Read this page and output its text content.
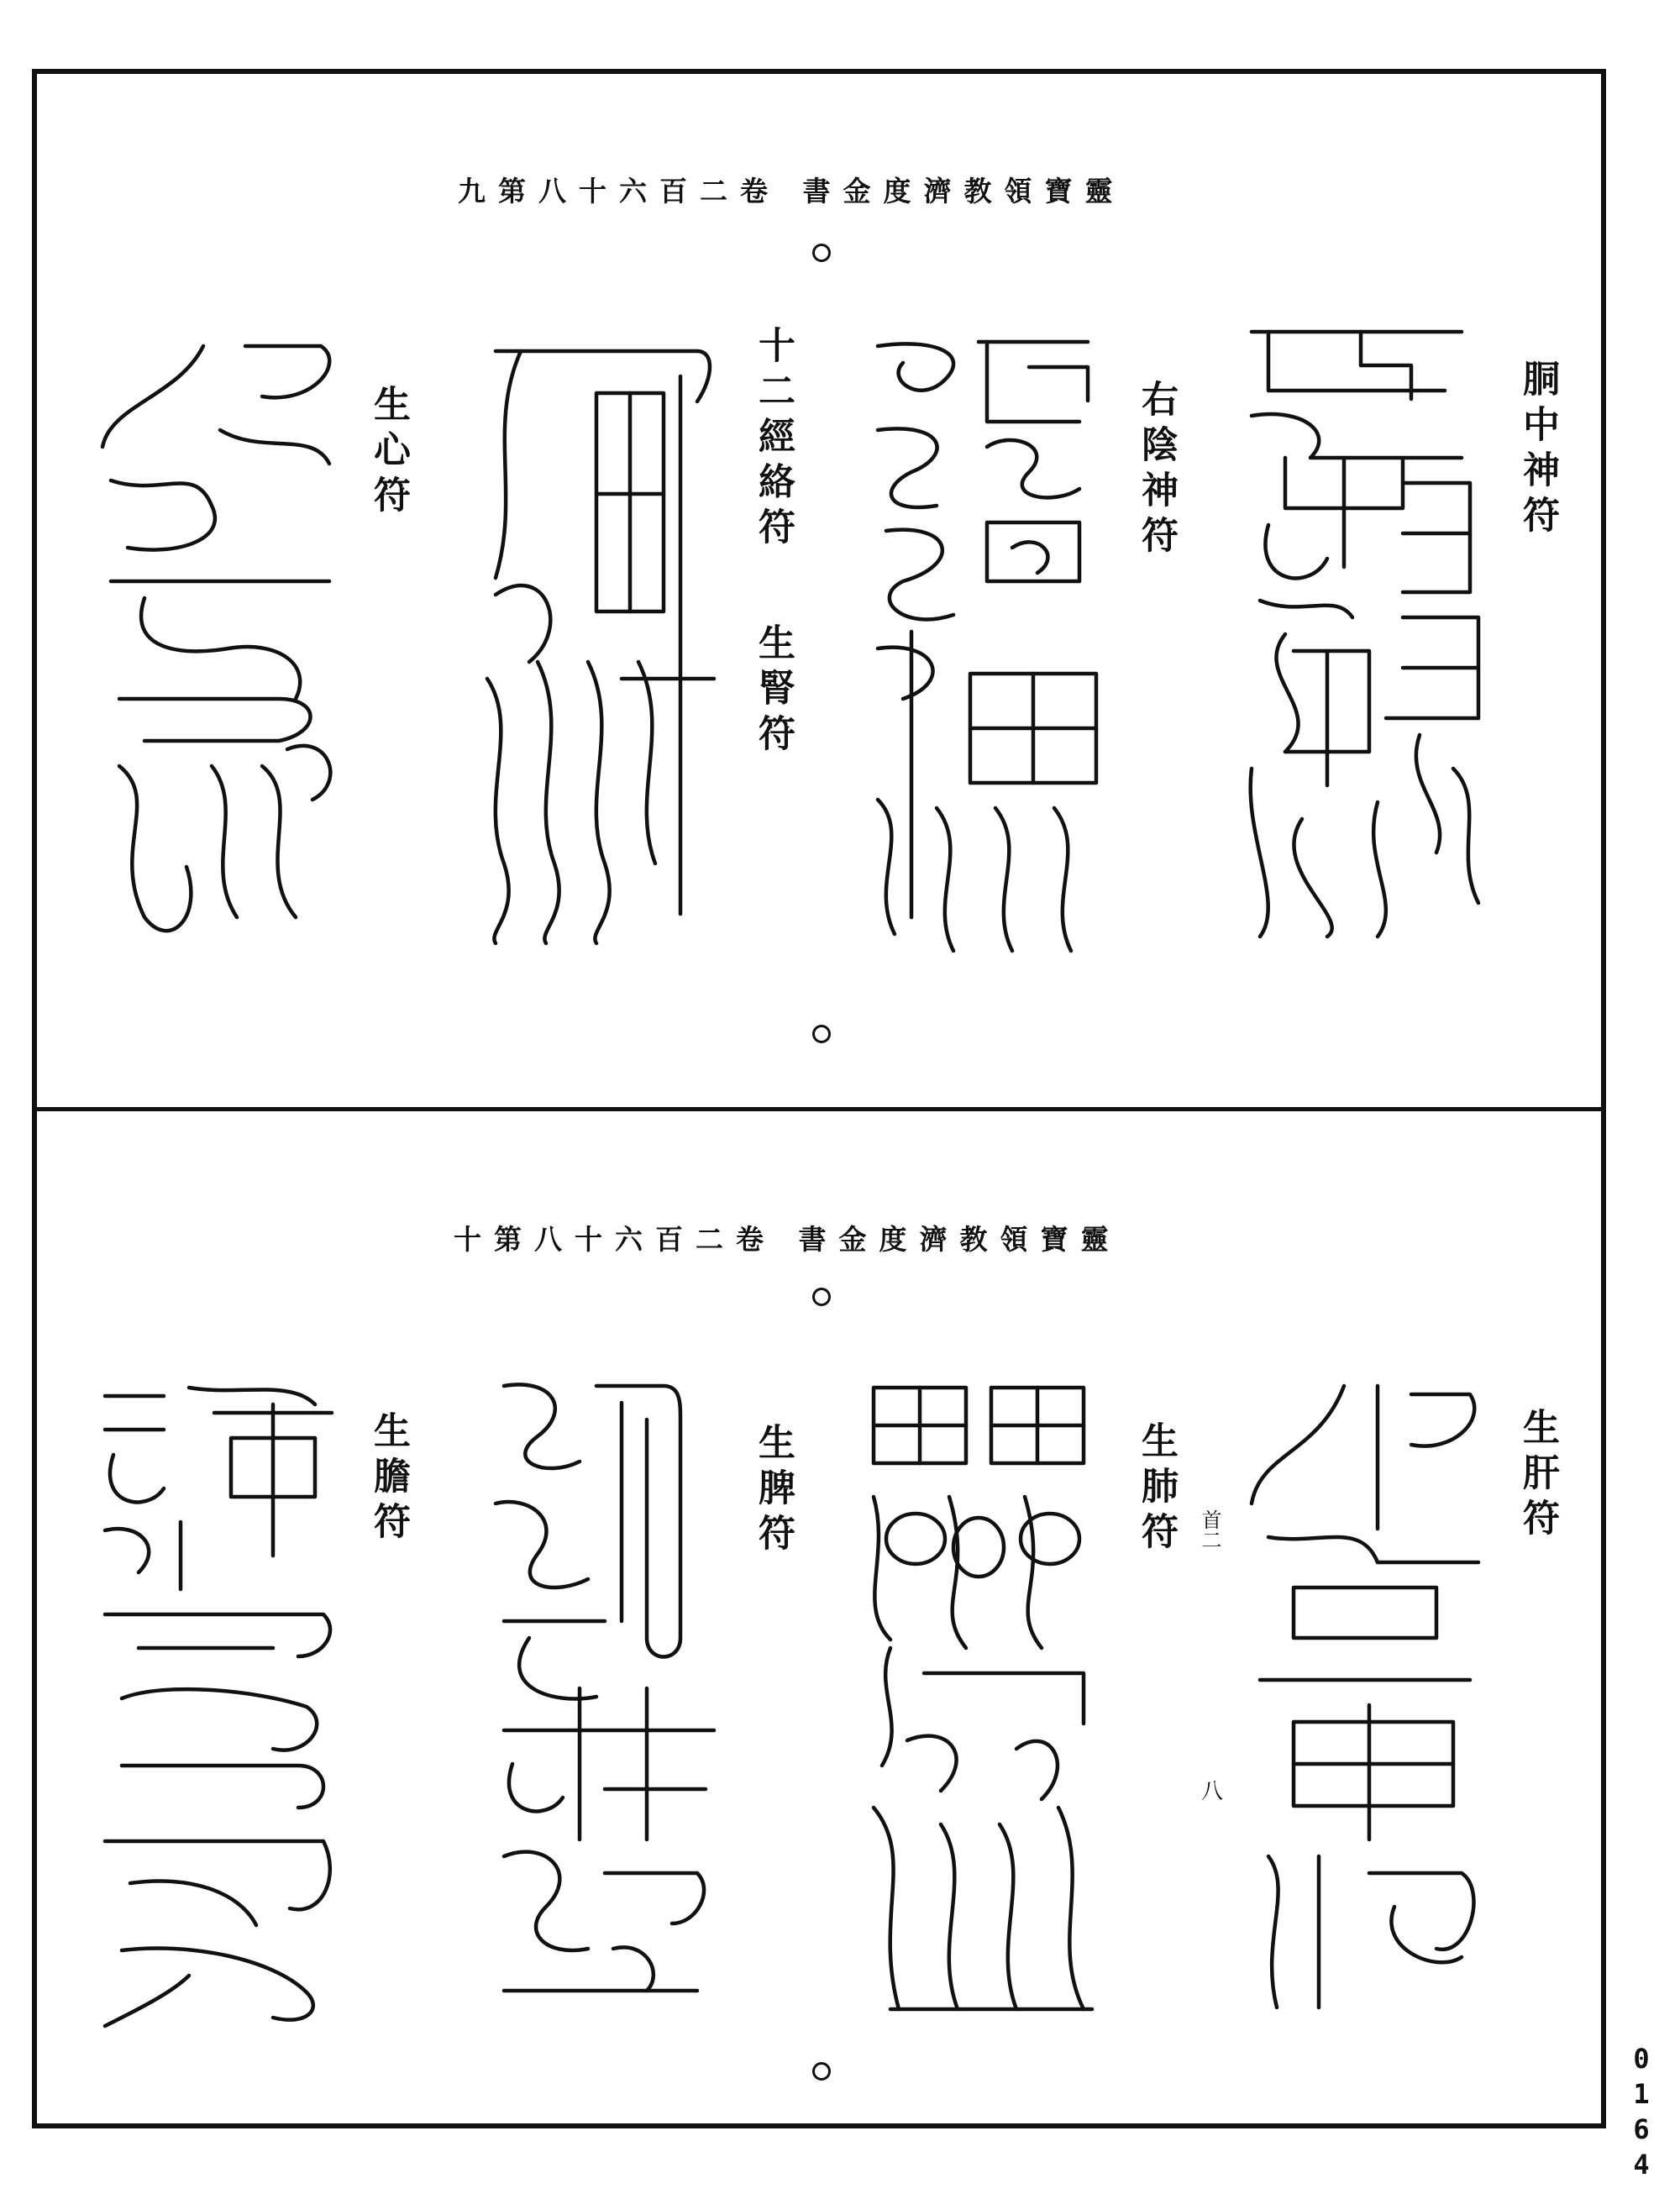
九第八十六百二卷 書金度濟教領寶靈
胴中神符
右陰神符
十二經絡符
生腎符
生心符
十第八十六百二卷 書金度濟教領寶靈
生肝符
生肺符 首二
生脾符
生膽符
八
0
1
6
4
